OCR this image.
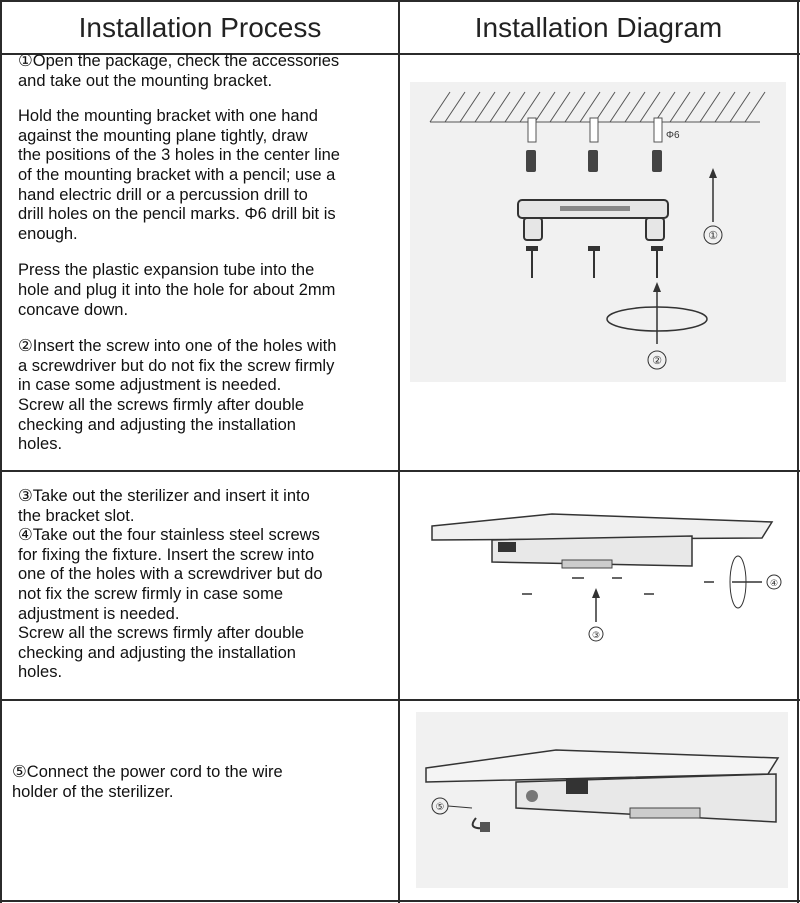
Installation Process	Installation Diagram

①Open the package, check the accessories
and take out the mounting bracket.

Hold the mounting bracket with one hand
against the mounting plane tightly, draw
the positions of the 3 holes in the center line
of the mounting bracket with a pencil; use a
hand electric drill or a percussion drill to
drill holes on the pencil marks. Φ6 drill bit is
enough.

Press the plastic expansion tube into the
hole and plug it into the hole for about 2mm
concave down.

②Insert the screw into one of the holes with
a screwdriver but do not fix the screw firmly
in case some adjustment is needed.
Screw all the screws firmly after double
checking and adjusting the installation
holes.

Φ6
①
②

③Take out the sterilizer and insert it into
the bracket slot.
④Take out the four stainless steel screws
for fixing the fixture. Insert the screw into
one of the holes with a screwdriver but do
not fix the screw firmly in case some
adjustment is needed.
Screw all the screws firmly after double
checking and adjusting the installation
holes.

③
④

⑤Connect the power cord to the wire
holder of the sterilizer.

⑤
